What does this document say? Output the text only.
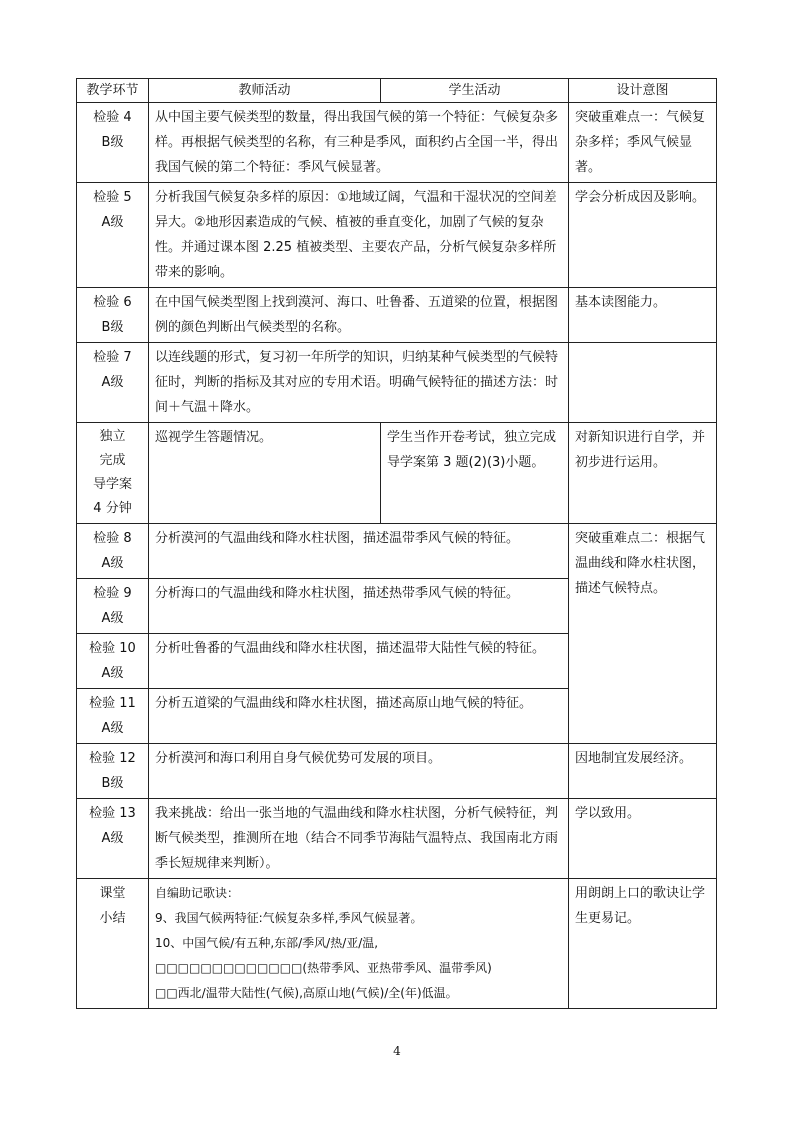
教学环节	教师活动	学生活动	设计意图

检验 4
B级	从中国主要气候类型的数量，得出我国气候的第一个特征：气候复杂多样。再根据气候类型的名称，有三种是季风，面积约占全国一半，得出我国气候的第二个特征：季风气候显著。		突破重难点一：气候复杂多样；季风气候显著。

检验 5
A级	分析我国气候复杂多样的原因：①地域辽阔，气温和干湿状况的空间差异大。②地形因素造成的气候、植被的垂直变化，加剧了气候的复杂性。并通过课本图 2.25 植被类型、主要农产品，分析气候复杂多样所带来的影响。		学会分析成因及影响。

检验 6
B级	在中国气候类型图上找到漠河、海口、吐鲁番、五道梁的位置，根据图例的颜色判断出气候类型的名称。		基本读图能力。

检验 7
A级	以连线题的形式，复习初一年所学的知识，归纳某种气候类型的气候特征时，判断的指标及其对应的专用术语。明确气候特征的描述方法：时间＋气温＋降水。		

独立
完成
导学案
4 分钟	巡视学生答题情况。	学生当作开卷考试，独立完成导学案第 3 题(2)(3)小题。	对新知识进行自学，并初步进行运用。

检验 8
A级	分析漠河的气温曲线和降水柱状图，描述温带季风气候的特征。		突破重难点二：根据气温曲线和降水柱状图，描述气候特点。

检验 9
A级	分析海口的气温曲线和降水柱状图，描述热带季风气候的特征。		

检验 10
A级	分析吐鲁番的气温曲线和降水柱状图，描述温带大陆性气候的特征。		

检验 11
A级	分析五道梁的气温曲线和降水柱状图，描述高原山地气候的特征。		

检验 12
B级	分析漠河和海口利用自身气候优势可发展的项目。		因地制宜发展经济。

检验 13
A级	我来挑战：给出一张当地的气温曲线和降水柱状图，分析气候特征，判断气候类型，推测所在地（结合不同季节海陆气温特点、我国南北方雨季长短规律来判断）。		学以致用。

课堂
小结	自编助记歌诀：
9、我国气候两特征:气候复杂多样,季风气候显著。
10、中国气候/有五种,东部/季风/热/亚/温,
□□□□□□□□□□□□□(热带季风、亚热带季风、温带季风)
□□西北/温带大陆性(气候),高原山地(气候)/全(年)低温。		用朗朗上口的歌诀让学生更易记。
4
